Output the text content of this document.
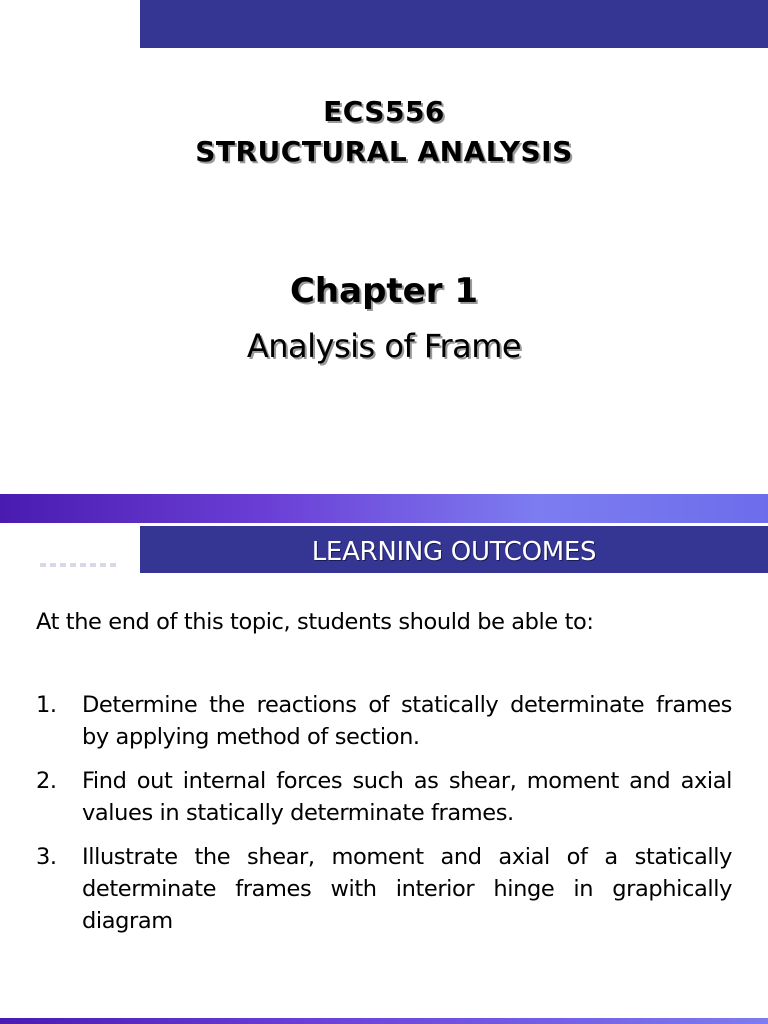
ECS556
STRUCTURAL ANALYSIS
Chapter 1
Analysis of Frame
LEARNING OUTCOMES
At the end of this topic, students should be able to:
1. Determine the reactions of statically determinate frames by applying method of section.
2. Find out internal forces such as shear, moment and axial values in statically determinate frames.
3. Illustrate the shear, moment and axial of a statically determinate frames with interior hinge in graphically diagram
